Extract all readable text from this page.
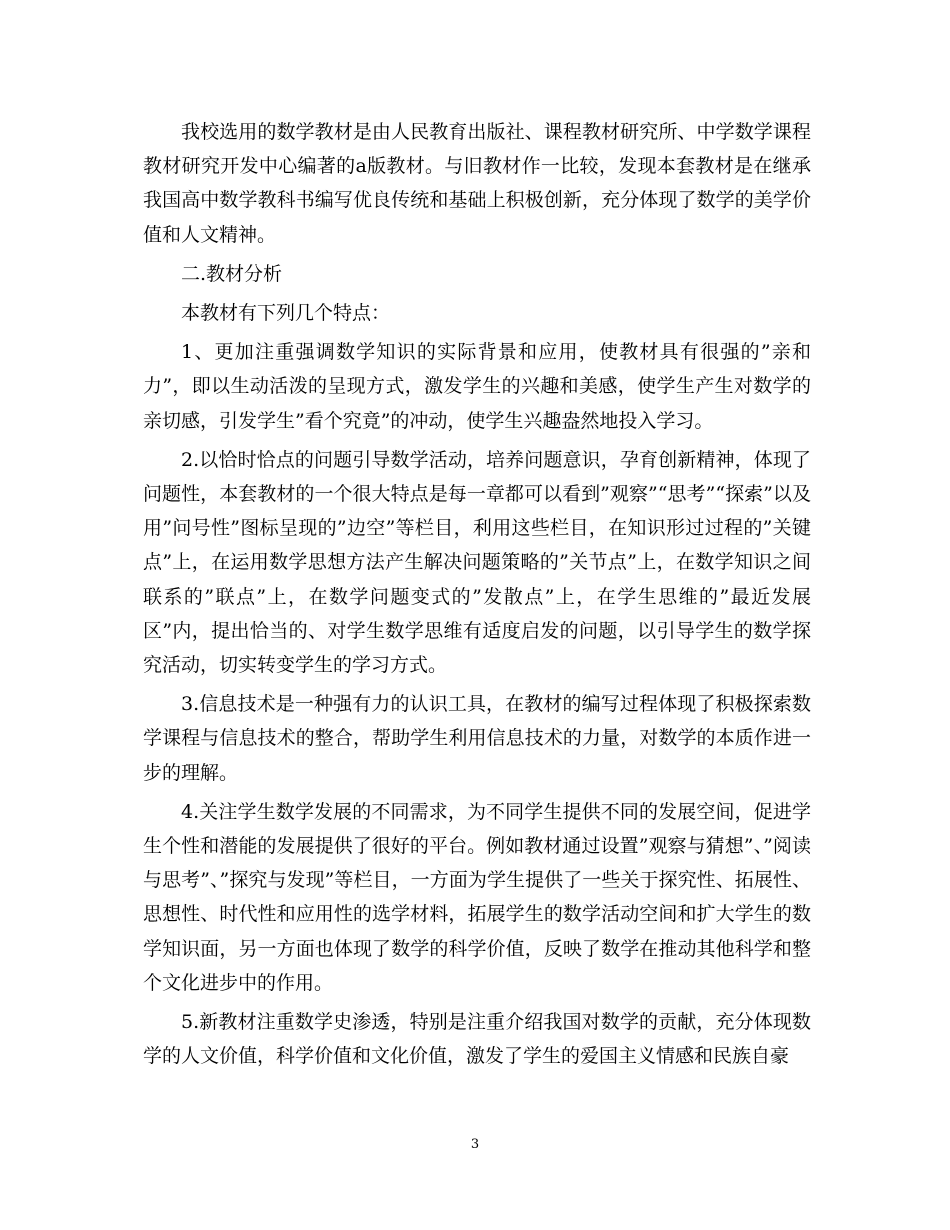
我校选用的数学教材是由人民教育出版社、课程教材研究所、中学数学课程教材研究开发中心编著的a版教材。与旧教材作一比较，发现本套教材是在继承我国高中数学教科书编写优良传统和基础上积极创新，充分体现了数学的美学价值和人文精神。

二.教材分析

本教材有下列几个特点：

1、更加注重强调数学知识的实际背景和应用，使教材具有很强的”亲和力”，即以生动活泼的呈现方式，激发学生的兴趣和美感，使学生产生对数学的亲切感，引发学生”看个究竟”的冲动，使学生兴趣盎然地投入学习。

2.以恰时恰点的问题引导数学活动，培养问题意识，孕育创新精神，体现了问题性，本套教材的一个很大特点是每一章都可以看到”观察”“思考”“探索”以及用”问号性”图标呈现的”边空”等栏目，利用这些栏目，在知识形过过程的”关键点”上，在运用数学思想方法产生解决问题策略的”关节点”上，在数学知识之间联系的”联点”上，在数学问题变式的”发散点”上，在学生思维的”最近发展区”内，提出恰当的、对学生数学思维有适度启发的问题，以引导学生的数学探究活动，切实转变学生的学习方式。

3.信息技术是一种强有力的认识工具，在教材的编写过程体现了积极探索数学课程与信息技术的整合，帮助学生利用信息技术的力量，对数学的本质作进一步的理解。

4.关注学生数学发展的不同需求，为不同学生提供不同的发展空间，促进学生个性和潜能的发展提供了很好的平台。例如教材通过设置”观察与猜想”、”阅读与思考”、”探究与发现”等栏目，一方面为学生提供了一些关于探究性、拓展性、思想性、时代性和应用性的选学材料，拓展学生的数学活动空间和扩大学生的数学知识面，另一方面也体现了数学的科学价值，反映了数学在推动其他科学和整个文化进步中的作用。

5.新教材注重数学史渗透，特别是注重介绍我国对数学的贡献，充分体现数学的人文价值，科学价值和文化价值，激发了学生的爱国主义情感和民族自豪

3
